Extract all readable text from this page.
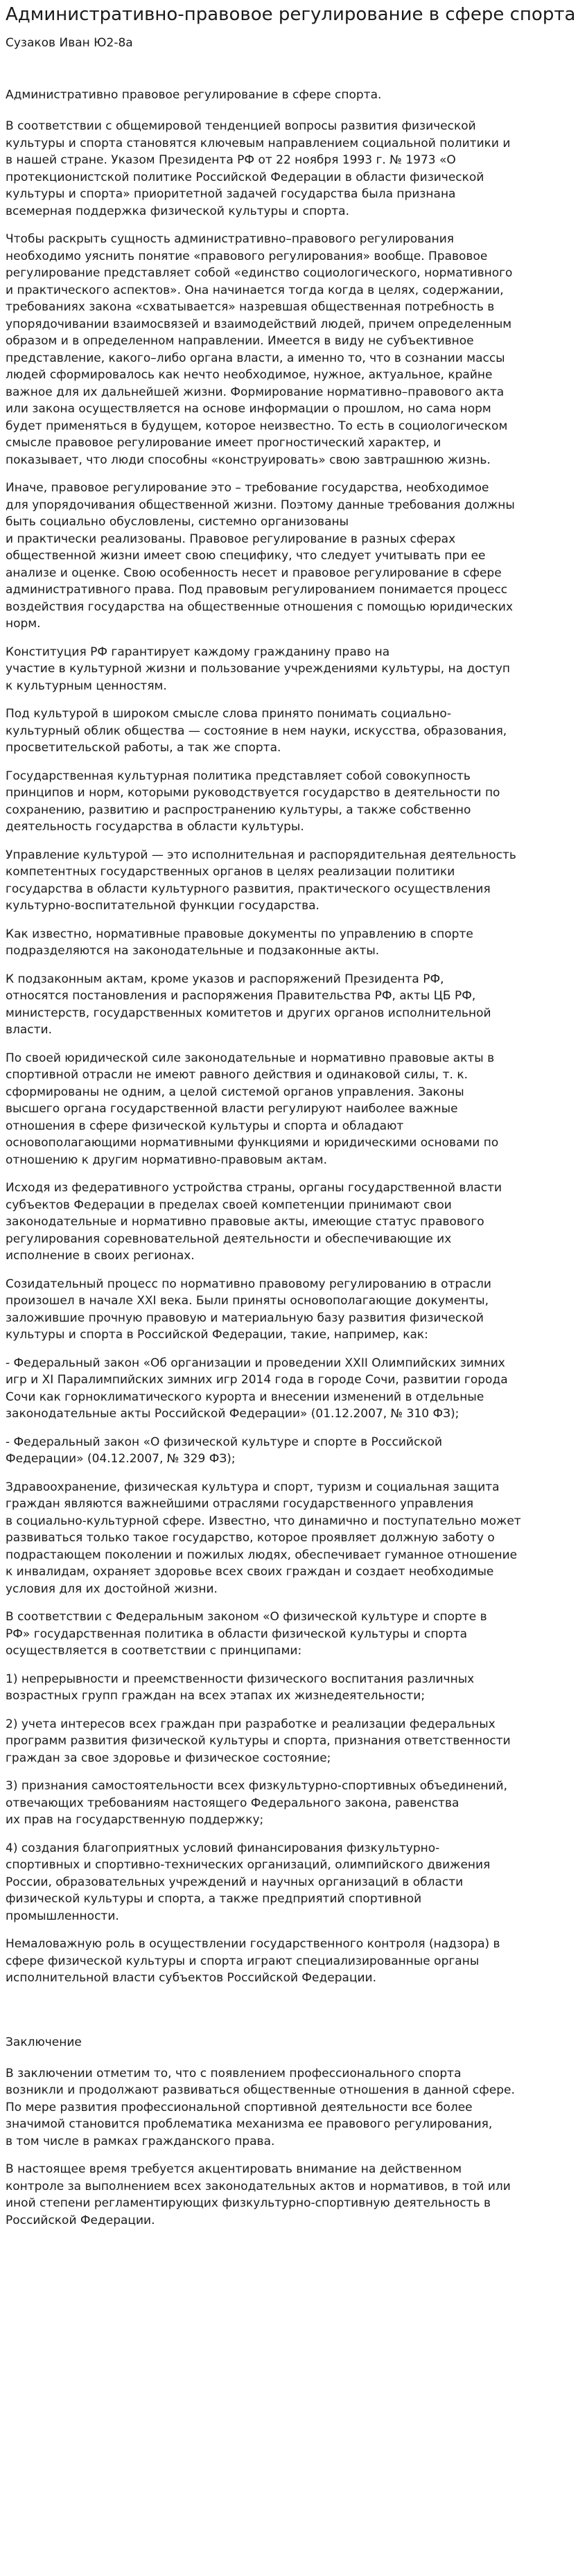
Административно-правовое регулирование в сфере спорта
Сузаков Иван Ю2-8а
Административно правовое регулирование в сфере спорта.

В соответствии с общемировой тенденцией вопросы развития физической
культуры и спорта становятся ключевым направлением социальной политики и
в нашей стране. Указом Президента РФ от 22 ноября 1993 г. № 1973 «О
протекционистской политике Российской Федерации в области физической
культуры и спорта» приоритетной задачей государства была признана
всемерная поддержка физической культуры и спорта.

Чтобы раскрыть сущность административно–правового регулирования
необходимо уяснить понятие «правового регулирования» вообще. Правовое
регулирование представляет собой «единство социологического, нормативного
и практического аспектов». Она начинается тогда когда в целях, содержании,
требованиях закона «схватывается» назревшая общественная потребность в
упорядочивании взаимосвязей и взаимодействий людей, причем определенным
образом и в определенном направлении. Имеется в виду не субъективное
представление, какого–либо органа власти, а именно то, что в сознании массы
людей сформировалось как нечто необходимое, нужное, актуальное, крайне
важное для их дальнейшей жизни. Формирование нормативно–правового акта
или закона осуществляется на основе информации о прошлом, но сама норм
будет применяться в будущем, которое неизвестно. То есть в социологическом
смысле правовое регулирование имеет прогностический характер, и
показывает, что люди способны «конструировать» свою завтрашнюю жизнь.

Иначе, правовое регулирование это – требование государства, необходимое
для упорядочивания общественной жизни. Поэтому данные требования должны
быть социально обусловлены, системно организованы
и практически реализованы. Правовое регулирование в разных сферах
общественной жизни имеет свою специфику, что следует учитывать при ее
анализе и оценке. Свою особенность несет и правовое регулирование в сфере
административного права. Под правовым регулированием понимается процесс
воздействия государства на общественные отношения с помощью юридических
норм.

Конституция РФ гарантирует каждому гражданину право на
участие в культурной жизни и пользование учреждениями культуры, на доступ
к культурным ценностям.

Под культурой в широком смысле слова принято понимать социально-
культурный облик общества — состояние в нем науки, искусства, образования,
просветительской работы, а так же спорта.

Государственная культурная политика представляет собой совокупность
принципов и норм, которыми руководствуется государство в деятельности по
сохранению, развитию и распространению культуры, а также собственно
деятельность государства в области культуры.

Управление культурой — это исполнительная и распорядительная деятельность
компетентных государственных органов в целях реализации политики
государства в области культурного развития, практического осуществления
культурно-воспитательной функции государства.

Как известно, нормативные правовые документы по управлению в спорте
подразделяются на законодательные и подзаконные акты.

К подзаконным актам, кроме указов и распоряжений Президента РФ,
относятся постановления и распоряжения Правительства РФ, акты ЦБ РФ,
министерств, государственных комитетов и других органов исполнительной
власти.

По своей юридической силе законодательные и нормативно правовые акты в
спортивной отрасли не имеют равного действия и одинаковой силы, т. к.
сформированы не одним, а целой системой органов управления. Законы
высшего органа государственной власти регулируют наиболее важные
отношения в сфере физической культуры и спорта и обладают
основополагающими нормативными функциями и юридическими основами по
отношению к другим нормативно-правовым актам.

Исходя из федеративного устройства страны, органы государственной власти
субъектов Федерации в пределах своей компетенции принимают свои
законодательные и нормативно правовые акты, имеющие статус правового
регулирования соревновательной деятельности и обеспечивающие их
исполнение в своих регионах.

Созидательный процесс по нормативно правовому регулированию в отрасли
произошел в начале XXI века. Были приняты основополагающие документы,
заложившие прочную правовую и материальную базу развития физической
культуры и спорта в Российской Федерации, такие, например, как:

- Федеральный закон «Об организации и проведении XXII Олимпийских зимних
игр и XI Паралимпийских зимних игр 2014 года в городе Сочи, развитии города
Сочи как горноклиматического курорта и внесении изменений в отдельные
законодательные акты Российской Федерации» (01.12.2007, № 310 ФЗ);

- Федеральный закон «О физической культуре и спорте в Российской
Федерации» (04.12.2007, № 329 ФЗ);

Здравоохранение, физическая культура и спорт, туризм и социальная защита
граждан являются важнейшими отраслями государственного управления
в социально-культурной сфере. Известно, что динамично и поступательно может
развиваться только такое государство, которое проявляет должную заботу о
подрастающем поколении и пожилых людях, обеспечивает гуманное отношение
к инвалидам, охраняет здоровье всех своих граждан и создает необходимые
условия для их достойной жизни.

В соответствии с Федеральным законом «О физической культуре и спорте в
РФ» государственная политика в области физической культуры и спорта
осуществляется в соответствии с принципами:

1) непрерывности и преемственности физического воспитания различных
возрастных групп граждан на всех этапах их жизнедеятельности;

2) учета интересов всех граждан при разработке и реализации федеральных
программ развития физической культуры и спорта, признания ответственности
граждан за свое здоровье и физическое состояние;

3) признания самостоятельности всех физкультурно-спортивных объединений,
отвечающих требованиям настоящего Федерального закона, равенства
их прав на государственную поддержку;

4) создания благоприятных условий финансирования физкультурно-
спортивных и спортивно-технических организаций, олимпийского движения
России, образовательных учреждений и научных организаций в области
физической культуры и спорта, а также предприятий спортивной
промышленности.

Немаловажную роль в осуществлении государственного контроля (надзора) в
сфере физической культуры и спорта играют специализированные органы
исполнительной власти субъектов Российской Федерации.

Заключение

В заключении отметим то, что с появлением профессионального спорта
возникли и продолжают развиваться общественные отношения в данной сфере.
По мере развития профессиональной спортивной деятельности все более
значимой становится проблематика механизма ее правового регулирования,
в том числе в рамках гражданского права.

В настоящее время требуется акцентировать внимание на действенном
контроле за выполнением всех законодательных актов и нормативов, в той или
иной степени регламентирующих физкультурно-спортивную деятельность в
Российской Федерации.
